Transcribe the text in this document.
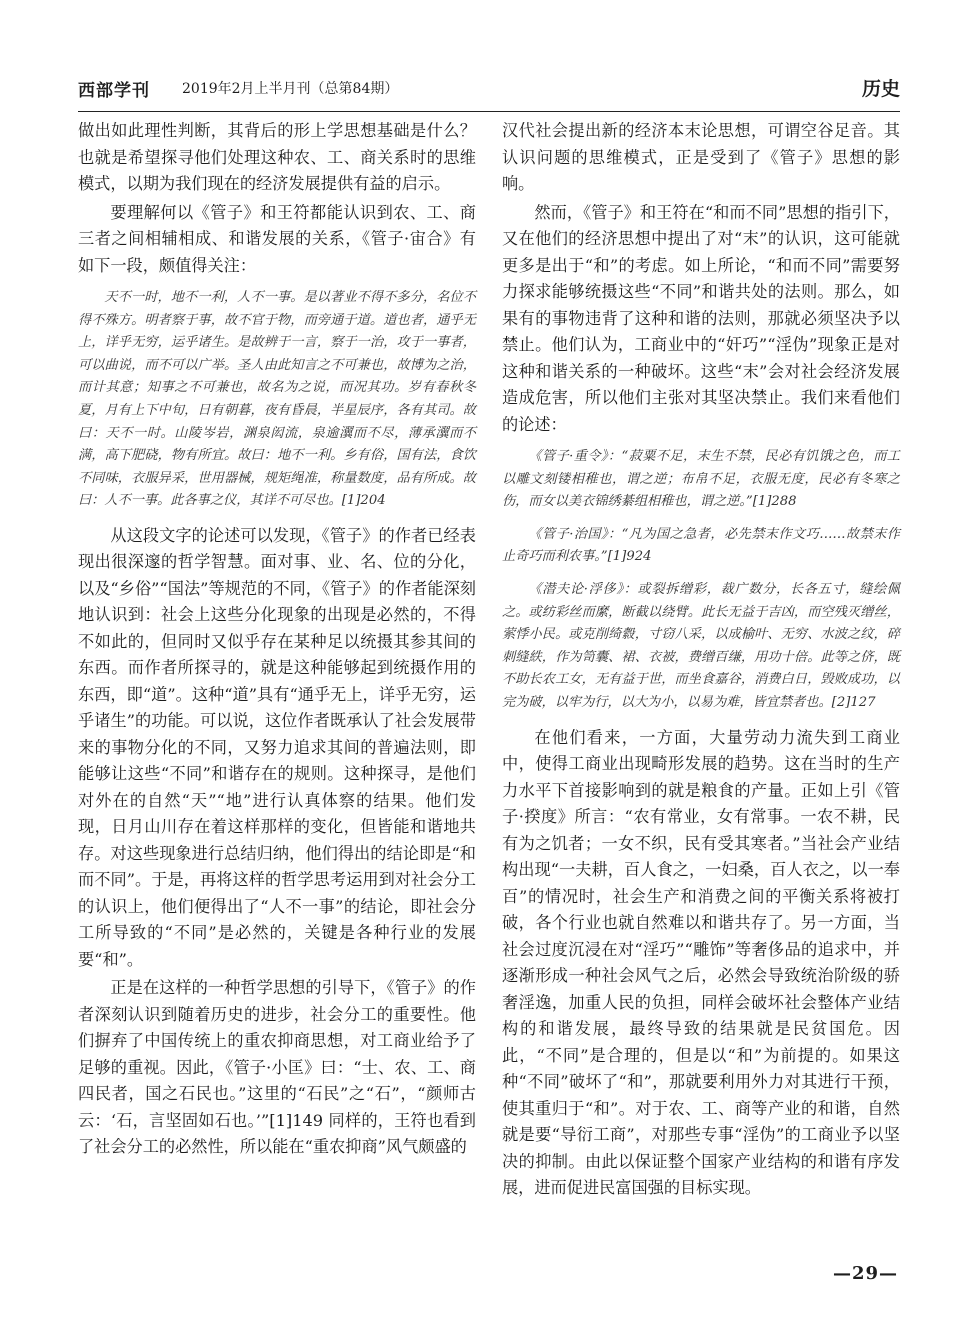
西部学刊 2019年2月上半月刊（总第84期）	历史

做出如此理性判断，其背后的形上学思想基础是什么？也就是希望探寻他们处理这种农、工、商关系时的思维模式，以期为我们现在的经济发展提供有益的启示。

要理解何以《管子》和王符都能认识到农、工、商三者之间相辅相成、和谐发展的关系，《管子·宙合》有如下一段，颇值得关注：

天不一时，地不一利，人不一事。是以著业不得不多分，名位不得不殊方。明者察于事，故不官于物，而旁通于道。道也者，通乎无上，详乎无穷，运乎诸生。是故辨于一言，察于一治，攻于一事者，可以曲说，而不可以广举。圣人由此知言之不可兼也，故博为之治，而计其意；知事之不可兼也，故名为之说，而况其功。岁有春秋冬夏，月有上下中旬，日有朝暮，夜有昏晨，半星辰序，各有其司。故曰：天不一时。山陵岑岩，渊泉闳流，泉逾瀷而不尽，薄承瀷而不满，高下肥硗，物有所宜。故曰：地不一利。乡有俗，国有法，食饮不同味，衣服异采，世用器械，规矩绳准，称量数度，品有所成。故曰：人不一事。此各事之仪，其详不可尽也。[1]204

从这段文字的论述可以发现，《管子》的作者已经表现出很深邃的哲学智慧。面对事、业、名、位的分化，以及“乡俗”“国法”等规范的不同，《管子》的作者能深刻地认识到：社会上这些分化现象的出现是必然的，不得不如此的，但同时又似乎存在某种足以统摄其参其间的东西。而作者所探寻的，就是这种能够起到统摄作用的东西，即“道”。这种“道”具有“通乎无上，详乎无穷，运乎诸生”的功能。可以说，这位作者既承认了社会发展带来的事物分化的不同，又努力追求其间的普遍法则，即能够让这些“不同”和谐存在的规则。这种探寻，是他们对外在的自然“天”“地”进行认真体察的结果。他们发现，日月山川存在着这样那样的变化，但皆能和谐地共存。对这些现象进行总结归纳，他们得出的结论即是“和而不同”。于是，再将这样的哲学思考运用到对社会分工的认识上，他们便得出了“人不一事”的结论，即社会分工所导致的“不同”是必然的，关键是各种行业的发展要“和”。

正是在这样的一种哲学思想的引导下，《管子》的作者深刻认识到随着历史的进步，社会分工的重要性。他们摒弃了中国传统上的重农抑商思想，对工商业给予了足够的重视。因此，《管子·小匡》曰：“士、农、工、商四民者，国之石民也。”这里的“石民”之“石”，“颜师古云：‘石，言坚固如石也。’”[1]149 同样的，王符也看到了社会分工的必然性，所以能在“重农抑商”风气颇盛的

汉代社会提出新的经济本末论思想，可谓空谷足音。其认识问题的思维模式，正是受到了《管子》思想的影响。

然而，《管子》和王符在“和而不同”思想的指引下，又在他们的经济思想中提出了对“末”的认识，这可能就更多是出于“和”的考虑。如上所论，“和而不同”需要努力探求能够统摄这些“不同”和谐共处的法则。那么，如果有的事物违背了这种和谐的法则，那就必须坚决予以禁止。他们认为，工商业中的“奸巧”“淫伪”现象正是对这种和谐关系的一种破坏。这些“末”会对社会经济发展造成危害，所以他们主张对其坚决禁止。我们来看他们的论述：

《管子·重令》：“菽粟不足，末生不禁，民必有饥饿之色，而工以雕文刻镂相稚也，谓之逆；布帛不足，衣服无度，民必有冬寒之伤，而女以美衣锦绣綦组相稚也，谓之逆。”[1]288

《管子·治国》：“凡为国之急者，必先禁末作文巧……故禁末作止奇巧而利农事。”[1]924

《潜夫论·浮侈》：或裂拆缯彩，裁广数分，长各五寸，缝绘佩之。或纺彩丝而縻，断截以绕臂。此长无益于吉凶，而空残灭缯丝，萦悸小民。或克削绮縠，寸窃八采，以成榆叶、无穷、水波之纹，碎刺缝紩，作为笥囊、裙、衣被，费缯百缣，用功十倍。此等之侪，既不助长农工女，无有益于世，而坐食嘉谷，消费白日，毁败成功，以完为破，以牢为行，以大为小，以易为难，皆宜禁者也。[2]127

在他们看来，一方面，大量劳动力流失到工商业中，使得工商业出现畸形发展的趋势。这在当时的生产力水平下首接影响到的就是粮食的产量。正如上引《管子·揆度》所言：“农有常业，女有常事。一农不耕，民有为之饥者；一女不织，民有受其寒者。”当社会产业结构出现“一夫耕，百人食之，一妇桑，百人衣之，以一奉百”的情况时，社会生产和消费之间的平衡关系将被打破，各个行业也就自然难以和谐共存了。另一方面，当社会过度沉浸在对“淫巧”“雕饰”等奢侈品的追求中，并逐渐形成一种社会风气之后，必然会导致统治阶级的骄奢淫逸，加重人民的负担，同样会破坏社会整体产业结构的和谐发展，最终导致的结果就是民贫国危。因此，“不同”是合理的，但是以“和”为前提的。如果这种“不同”破坏了“和”，那就要利用外力对其进行干预，使其重归于“和”。对于农、工、商等产业的和谐，自然就是要“导衍工商”，对那些专事“淫伪”的工商业予以坚决的抑制。由此以保证整个国家产业结构的和谐有序发展，进而促进民富国强的目标实现。

—29—
